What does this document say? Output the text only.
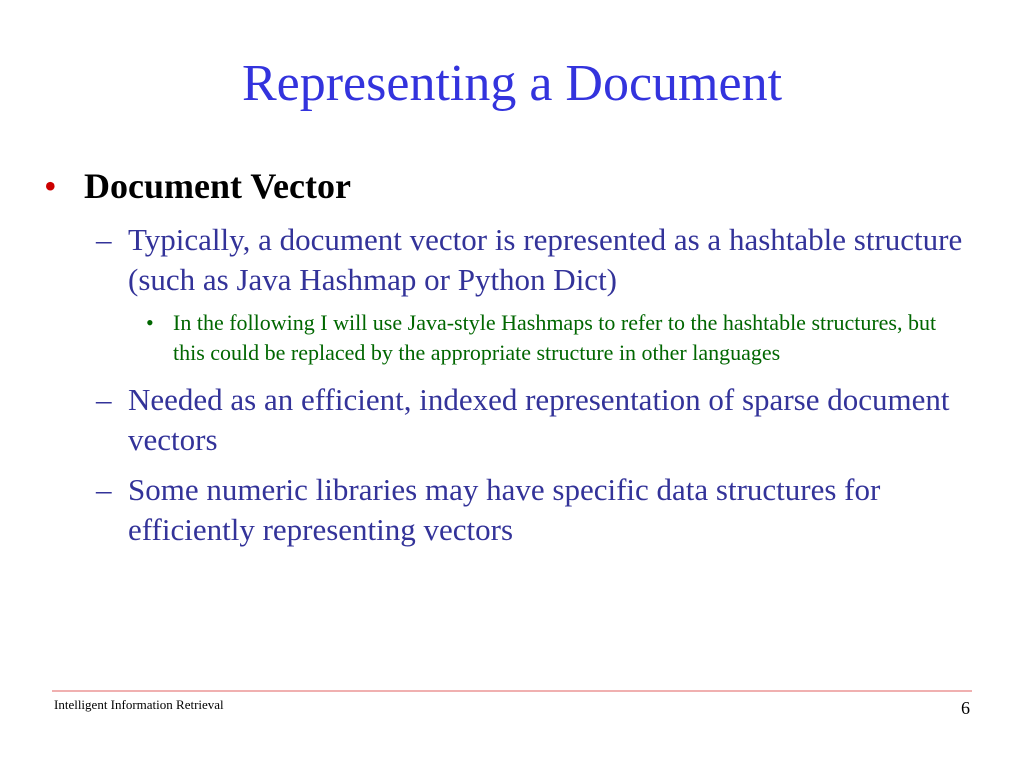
Representing a Document
• Document Vector
– Typically, a document vector is represented as a hashtable structure (such as Java Hashmap or Python Dict)
• In the following I will use Java-style Hashmaps to refer to the hashtable structures, but this could be replaced by the appropriate structure in other languages
– Needed as an efficient, indexed representation of sparse document vectors
– Some numeric libraries may have specific data structures for efficiently representing vectors
Intelligent Information Retrieval	6
